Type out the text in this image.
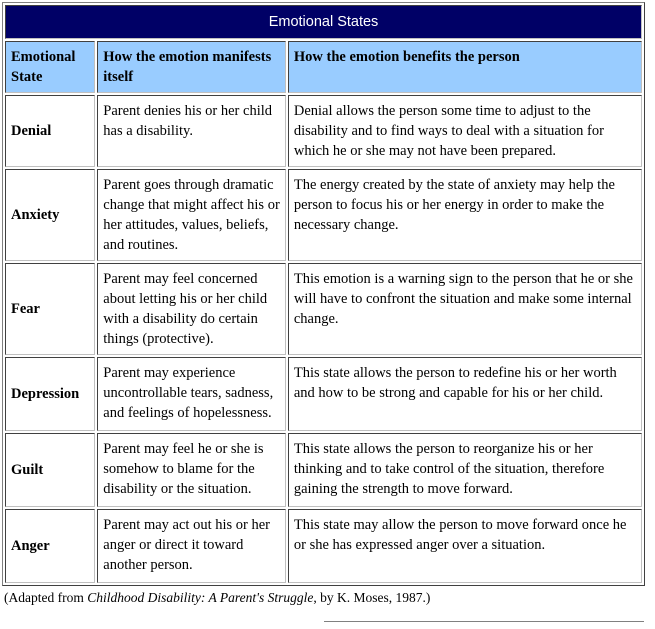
Emotional States		
Emotional State	How the emotion manifests itself	How the emotion benefits the person
Denial	Parent denies his or her child has a disability.	Denial allows the person some time to adjust to the disability and to find ways to deal with a situation for which he or she may not have been prepared.
Anxiety	Parent goes through dramatic change that might affect his or her attitudes, values, beliefs, and routines.	The energy created by the state of anxiety may help the person to focus his or her energy in order to make the necessary change.
Fear	Parent may feel concerned about letting his or her child with a disability do certain things (protective).	This emotion is a warning sign to the person that he or she will have to confront the situation and make some internal change.
Depression	Parent may experience uncontrollable tears, sadness, and feelings of hopelessness.	This state allows the person to redefine his or her worth and how to be strong and capable for his or her child.
Guilt	Parent may feel he or she is somehow to blame for the disability or the situation.	This state allows the person to reorganize his or her thinking and to take control of the situation, therefore gaining the strength to move forward.
Anger	Parent may act out his or her anger or direct it toward another person.	This state may allow the person to move forward once he or she has expressed anger over a situation.
(Adapted from Childhood Disability: A Parent's Struggle, by K. Moses, 1987.)
